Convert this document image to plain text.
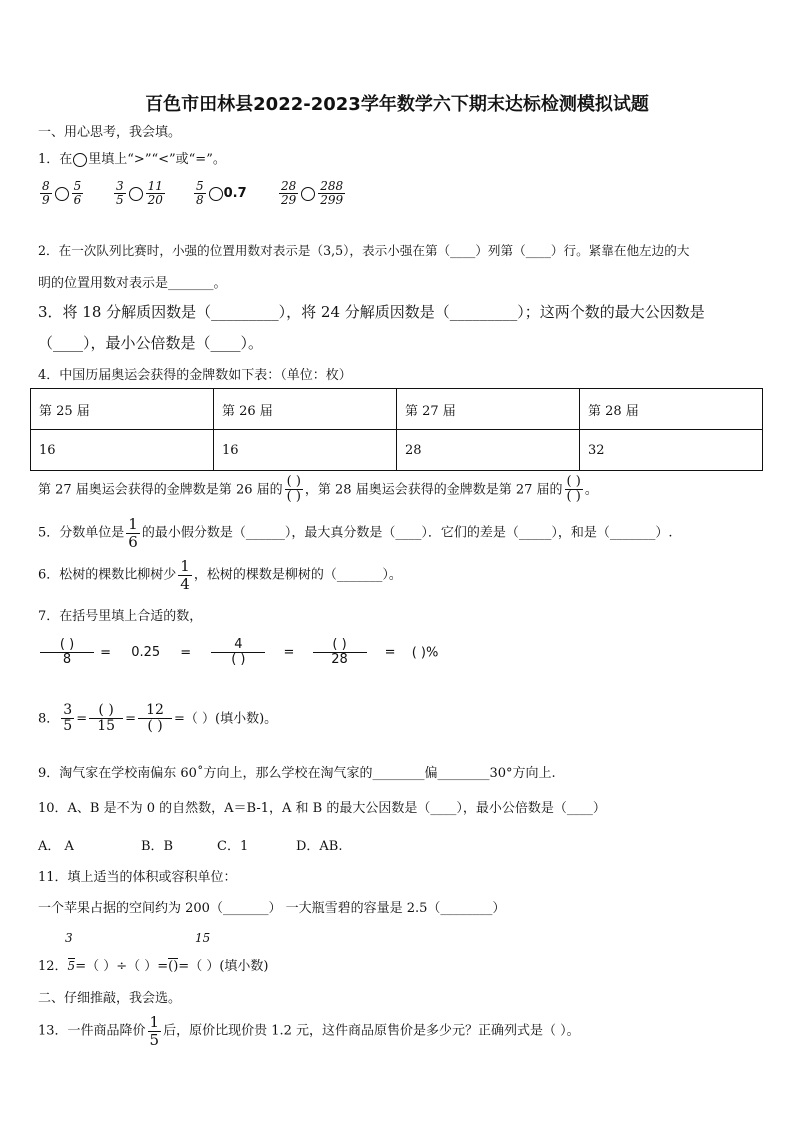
百色市田林县2022-2023学年数学六下期末达标检测模拟试题
一、用心思考，我会填。
1．在 里填上“>”“<”或“=”。
$\frac{8}{9} \frac{5}{6}$	$\frac{3}{5} \frac{11}{20} \frac{5}{8} 0.7$	$\frac{28}{29} \frac{288}{299}$
2．在一次队列比赛时，小强的位置用数对表示是（3,5），表示小强在第（____）列第（____）行。紧靠在他左边的大
明的位置用数对表示是_______。
3．将 18 分解质因数是（_________），将 24 分解质因数是（_________）；这两个数的最大公因数是
（____），最小公倍数是（____）。
4．中国历届奥运会获得的金牌数如下表：（单位：枚）
第 25 届	第 26 届	第 27 届	第 28 届
16	16	28	32
第 27 届奥运会获得的金牌数是第 26 届的 $\frac{( )}{( )}$ ，第 28 届奥运会获得的金牌数是第 27 届的 $\frac{( )}{( )}$ 。
5．分数单位是 $\frac{1}{6}$ 的最小假分数是（______），最大真分数是（____）．它们的差是（_____），和是（_______）.
6．松树的棵数比柳树少 $\frac{1}{4}$ ，松树的棵数是柳树的（_______）。
7．在括号里填上合适的数，
$\frac{( )}{8} = 0.25 = \frac{4}{( )} = \frac{( )}{28}$ = ( )%
8． $\frac{3}{5} = \frac{( )}{15} = \frac{12}{( )}$ =（ ）(填小数)。
9．淘气家在学校南偏东 60˚方向上，那么学校在淘气家的________偏________30°方向上.
10．A、B 是不为 0 的自然数，A＝B-1，A 和 B 的最大公因数是（____），最小公倍数是（____）
A． A	B．B	C．1	D．AB.
11．填上适当的体积或容积单位：
一个苹果占据的空间约为 200（_______） 一大瓶雪碧的容量是 2.5（________）
3	15
12．5=（ ）÷（ ）=()=（ ）(填小数)
二、仔细推敲，我会选。
13．一件商品降价 $\frac{1}{5}$ 后，原价比现价贵 1.2 元，这件商品原售价是多少元？正确列式是（ ）。
